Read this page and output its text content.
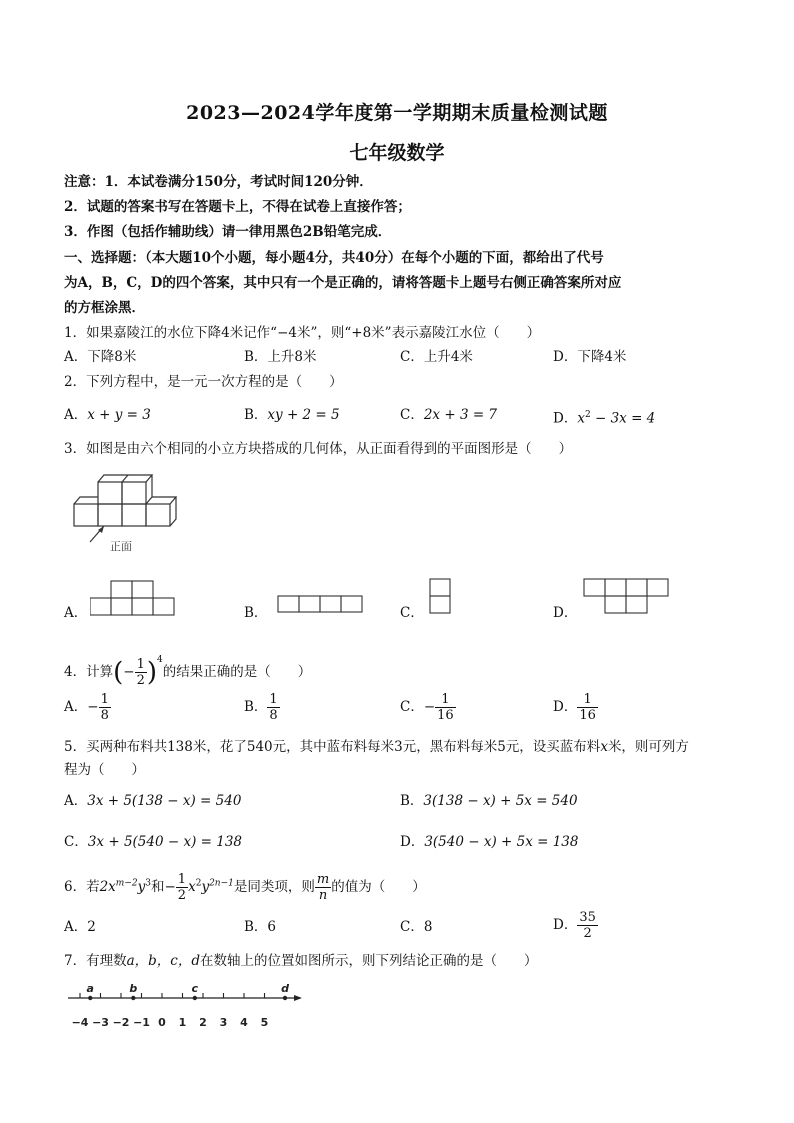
2023—2024学年度第一学期期末质量检测试题
七年级数学
注意：1．本试卷满分150分，考试时间120分钟．
2．试题的答案书写在答题卡上，不得在试卷上直接作答；
3．作图（包括作辅助线）请一律用黑色2B铅笔完成．
一、选择题：（本大题10个小题，每小题4分，共40分）在每个小题的下面，都给出了代号
为A，B，C，D的四个答案，其中只有一个是正确的，请将答题卡上题号右侧正确答案所对应
的方框涂黑．
1．如果嘉陵江的水位下降4米记作“−4米”，则“+8米”表示嘉陵江水位（　　）
A．下降8米	B．上升8米	C．上升4米	D．下降4米
2．下列方程中，是一元一次方程的是（　　）
A．x + y = 3	B．xy + 2 = 5	C．2x + 3 = 7	D．$x^2 - 3x = 4$
3．如图是由六个相同的小立方块搭成的几何体，从正面看得到的平面图形是（　　）
正面
A．	B．	C．	D．
4．计算(− $\frac{1}{2} )^4$的结果正确的是（　　）
A．− $\frac{1}{8}$	B． $\frac{1}{8}$	C．− $\frac{1}{16}$	D． $\frac{1}{16}$
5．买两种布料共138米，花了540元，其中蓝布料每米3元，黑布料每米5元，设买蓝布料x米，则可列方
程为（　　）
A．3x + 5(138 − x) = 540	B．3(138 − x) + 5x = 540
C．3x + 5(540 − x) = 138	D．3(540 − x) + 5x = 138
6．若$2x^{m-2}y^3$和− $\frac{1}{2} x^2y^{2n-1}$是同类项，则 $\frac{m}{n}$ 的值为（　　）
A．2	B．6	C．8	D． $\frac{35}{2}$
7．有理数a，b，c，d在数轴上的位置如图所示，则下列结论正确的是（　　）
−4 −3 −2 −1 0 1 2 3 4 5
a	b	c	d
